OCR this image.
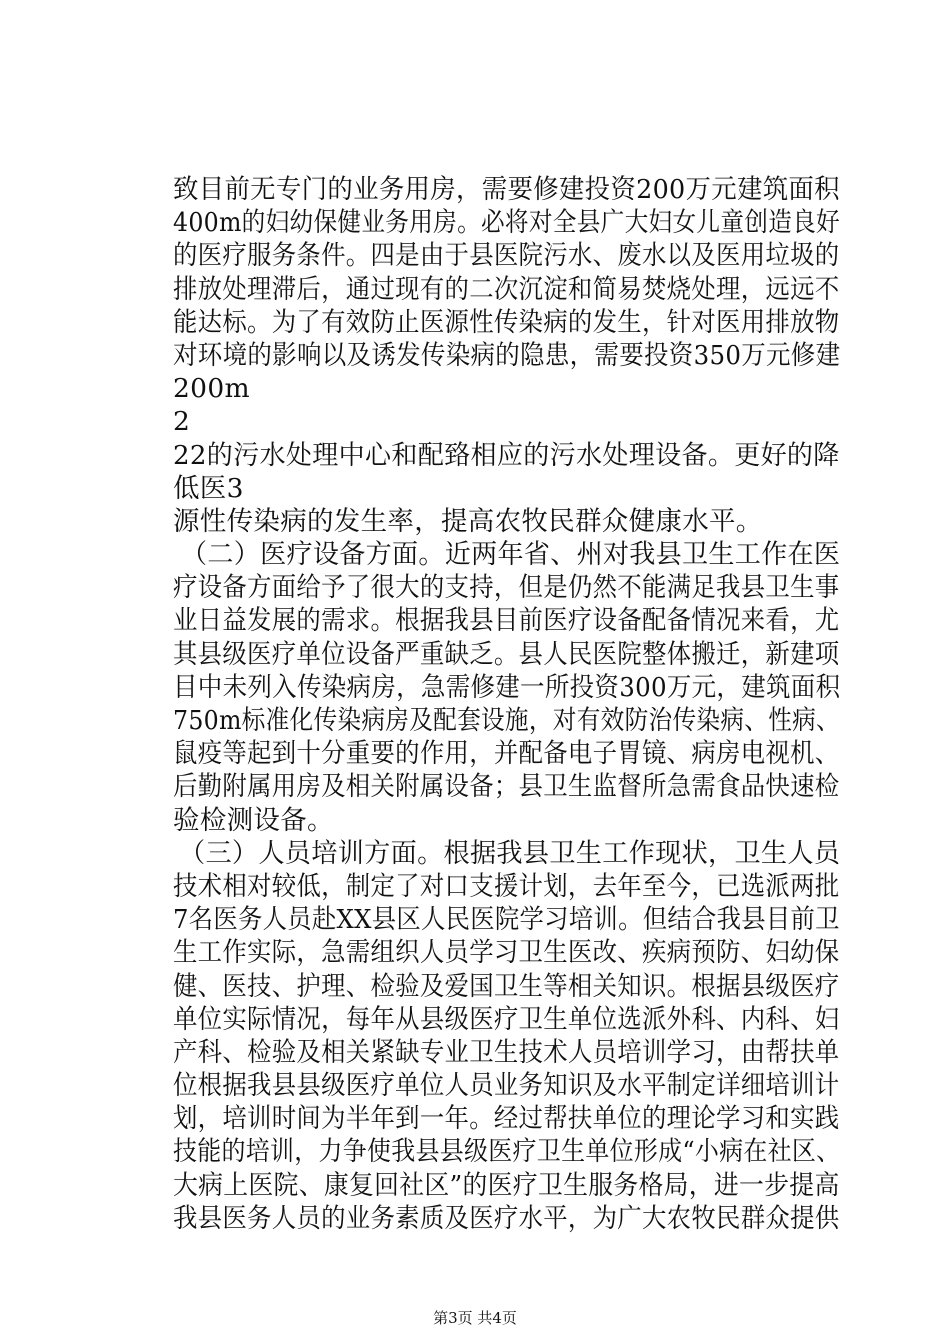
致目前无专门的业务用房，需要修建投资200万元建筑面积
400m的妇幼保健业务用房。必将对全县广大妇女儿童创造良好
的医疗服务条件。四是由于县医院污水、废水以及医用垃圾的
排放处理滞后，通过现有的二次沉淀和简易焚烧处理，远远不
能达标。为了有效防止医源性传染病的发生，针对医用排放物
对环境的影响以及诱发传染病的隐患，需要投资350万元修建
200m
2
22的污水处理中心和配臵相应的污水处理设备。更好的降
低医3
源性传染病的发生率，提高农牧民群众健康水平。
（二）医疗设备方面。近两年省、州对我县卫生工作在医
疗设备方面给予了很大的支持，但是仍然不能满足我县卫生事
业日益发展的需求。根据我县目前医疗设备配备情况来看，尤
其县级医疗单位设备严重缺乏。县人民医院整体搬迁，新建项
目中未列入传染病房，急需修建一所投资300万元，建筑面积
750m标准化传染病房及配套设施，对有效防治传染病、性病、
鼠疫等起到十分重要的作用，并配备电子胃镜、病房电视机、
后勤附属用房及相关附属设备；县卫生监督所急需食品快速检
验检测设备。
（三）人员培训方面。根据我县卫生工作现状，卫生人员
技术相对较低，制定了对口支援计划，去年至今，已选派两批
7名医务人员赴XX县区人民医院学习培训。但结合我县目前卫
生工作实际，急需组织人员学习卫生医改、疾病预防、妇幼保
健、医技、护理、检验及爱国卫生等相关知识。根据县级医疗
单位实际情况，每年从县级医疗卫生单位选派外科、内科、妇
产科、检验及相关紧缺专业卫生技术人员培训学习，由帮扶单
位根据我县县级医疗单位人员业务知识及水平制定详细培训计
划，培训时间为半年到一年。经过帮扶单位的理论学习和实践
技能的培训，力争使我县县级医疗卫生单位形成“小病在社区、
大病上医院、康复回社区”的医疗卫生服务格局，进一步提高
我县医务人员的业务素质及医疗水平，为广大农牧民群众提供
第3页 共4页
